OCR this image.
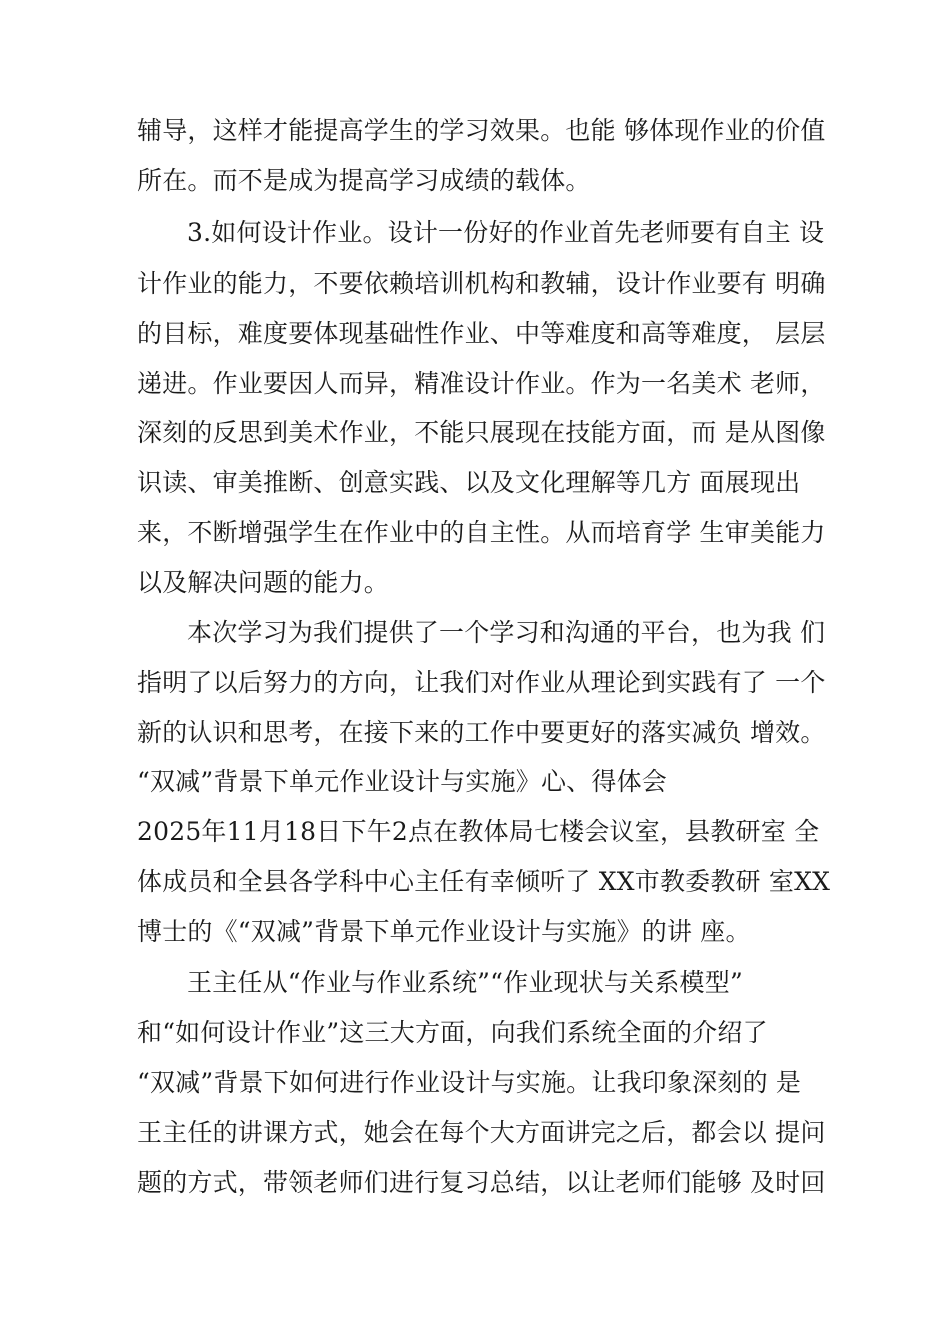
辅导，这样才能提高学生的学习效果。也能 够体现作业的价值
所在。而不是成为提高学习成绩的载体。
3.如何设计作业。设计一份好的作业首先老师要有自主 设
计作业的能力，不要依赖培训机构和教辅，设计作业要有 明确
的目标，难度要体现基础性作业、中等难度和高等难度， 层层
递进。作业要因人而异，精准设计作业。作为一名美术 老师，
深刻的反思到美术作业，不能只展现在技能方面，而 是从图像
识读、审美推断、创意实践、以及文化理解等几方 面展现出
来，不断增强学生在作业中的自主性。从而培育学 生审美能力
以及解决问题的能力。
本次学习为我们提供了一个学习和沟通的平台，也为我 们
指明了以后努力的方向，让我们对作业从理论到实践有了 一个
新的认识和思考，在接下来的工作中要更好的落实减负 增效。
“双减”背景下单元作业设计与实施》心、得体会
2025年11月18日下午2点在教体局七楼会议室，县教研室 全
体成员和全县各学科中心主任有幸倾听了 XX市教委教研 室XX
博士的《“双减”背景下单元作业设计与实施》的讲 座。
王主任从“作业与作业系统”“作业现状与关系模型”
和“如何设计作业”这三大方面，向我们系统全面的介绍了
“双减”背景下如何进行作业设计与实施。让我印象深刻的 是
王主任的讲课方式，她会在每个大方面讲完之后，都会以 提问
题的方式，带领老师们进行复习总结，以让老师们能够 及时回
